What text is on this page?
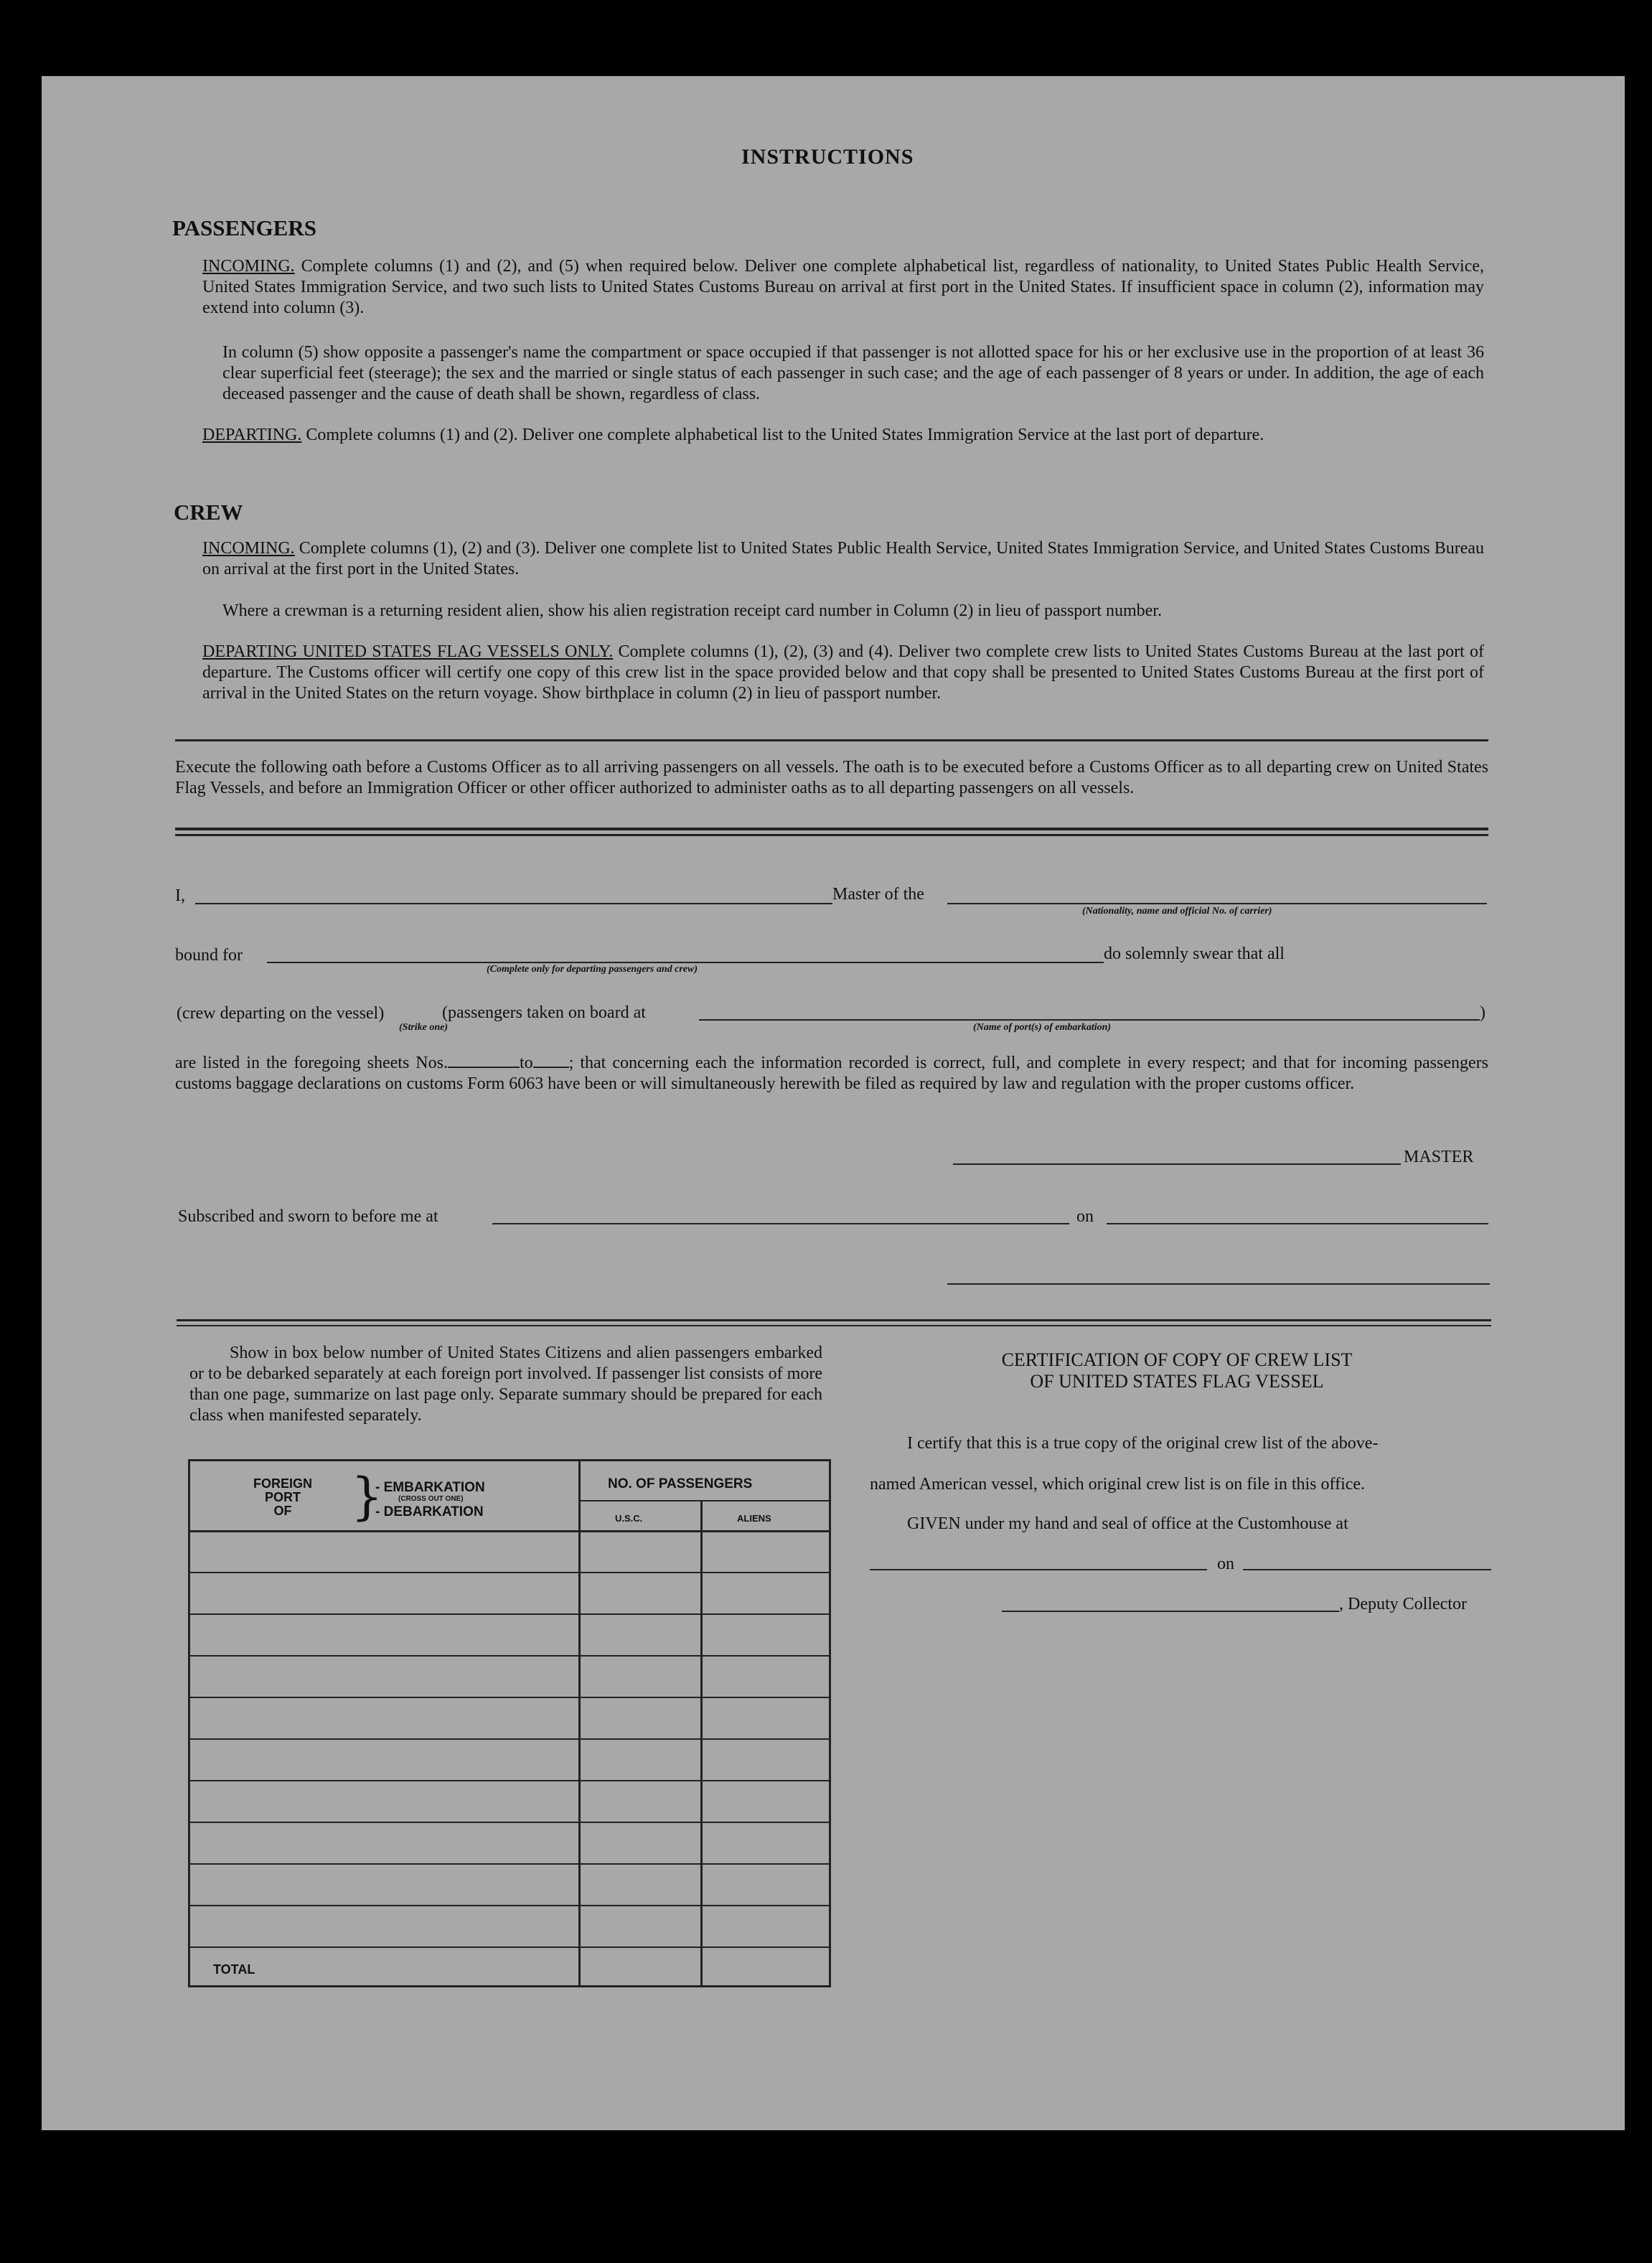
INSTRUCTIONS
PASSENGERS
INCOMING. Complete columns (1) and (2), and (5) when required below. Deliver one complete alphabetical list, regardless of nationality, to United States Public Health Service, United States Immigration Service, and two such lists to United States Customs Bureau on arrival at first port in the United States. If insufficient space in column (2), information may extend into column (3).
In column (5) show opposite a passenger's name the compartment or space occupied if that passenger is not allotted space for his or her exclusive use in the proportion of at least 36 clear superficial feet (steerage); the sex and the married or single status of each passenger in such case; and the age of each passenger of 8 years or under. In addition, the age of each deceased passenger and the cause of death shall be shown, regardless of class.
DEPARTING. Complete columns (1) and (2). Deliver one complete alphabetical list to the United States Immigration Service at the last port of departure.
CREW
INCOMING. Complete columns (1), (2) and (3). Deliver one complete list to United States Public Health Service, United States Immigration Service, and United States Customs Bureau on arrival at the first port in the United States.
Where a crewman is a returning resident alien, show his alien registration receipt card number in Column (2) in lieu of passport number.
DEPARTING UNITED STATES FLAG VESSELS ONLY. Complete columns (1), (2), (3) and (4). Deliver two complete crew lists to United States Customs Bureau at the last port of departure. The Customs officer will certify one copy of this crew list in the space provided below and that copy shall be presented to United States Customs Bureau at the first port of arrival in the United States on the return voyage. Show birthplace in column (2) in lieu of passport number.
Execute the following oath before a Customs Officer as to all arriving passengers on all vessels. The oath is to be executed before a Customs Officer as to all departing crew on United States Flag Vessels, and before an Immigration Officer or other officer authorized to administer oaths as to all departing passengers on all vessels.
I,	Master of the
(Nationality, name and official No. of carrier)
bound for
(Complete only for departing passengers and crew)
do solemnly swear that all
(crew departing on the vessel)	(passengers taken on board at	)
(Strike one)	(Name of port(s) of embarkation)
are listed in the foregoing sheets Nos.	to ; that concerning each the information recorded is correct, full, and complete in every respect; and that for incoming passengers customs baggage declarations on customs Form 6063 have been or will simultaneously herewith be filed as required by law and regulation with the proper customs officer.
MASTER
Subscribed and sworn to before me at	on
Show in box below number of United States Citizens and alien passengers embarked or to be debarked separately at each foreign port involved. If passenger list consists of more than one page, summarize on last page only. Separate summary should be prepared for each class when manifested separately.
FOREIGN
PORT
OF	}
- EMBARKATION
(CROSS OUT ONE)
- DEBARKATION
NO. OF PASSENGERS
U.S.C.	ALIENS
TOTAL
CERTIFICATION OF COPY OF CREW LIST
OF UNITED STATES FLAG VESSEL
I certify that this is a true copy of the original crew list of the above-
named American vessel, which original crew list is on file in this office.
GIVEN under my hand and seal of office at the Customhouse at
on
, Deputy Collector
